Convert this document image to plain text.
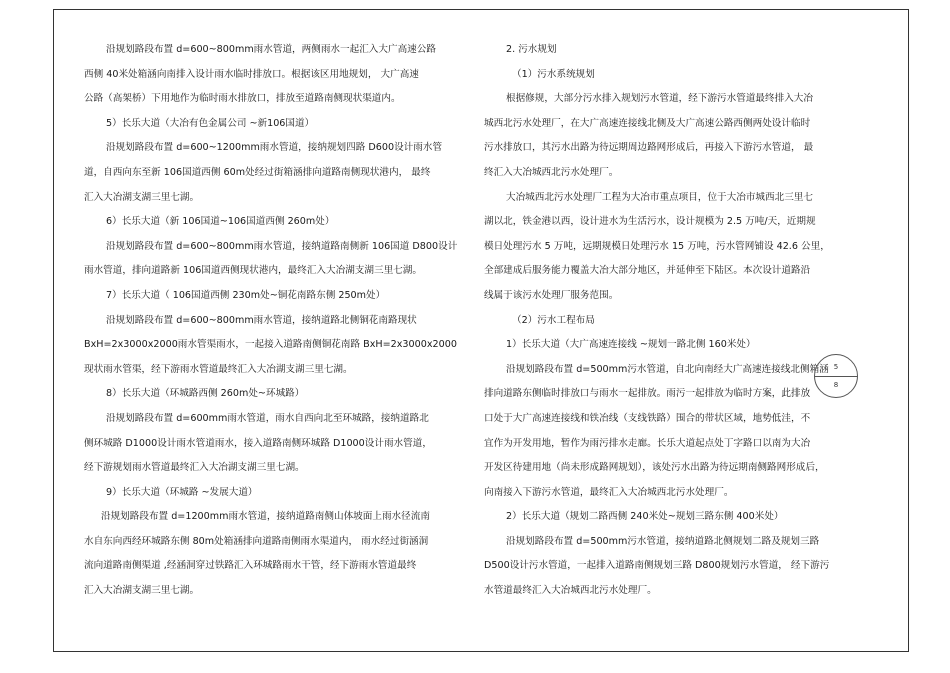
沿规划路段布置 d=600~800mm雨水管道，两侧雨水一起汇入大广高速公路
西侧 40米处箱涵向南排入设计雨水临时排放口。根据该区用地规划， 大广高速
公路（高架桥）下用地作为临时雨水排放口，排放至道路南侧现状渠道内。
5）长乐大道（大冶有色金属公司 ~新106国道）
沿规划路段布置 d=600~1200mm雨水管道，接纳规划四路 D600设计雨水管
道，自西向东至新 106国道西侧 60m处经过街箱涵排向道路南侧现状港内， 最终
汇入大冶湖支湖三里七湖。
6）长乐大道（新 106国道~106国道西侧 260m处）
沿规划路段布置 d=600~800mm雨水管道，接纳道路南侧新 106国道 D800设计
雨水管道，排向道路新 106国道西侧现状港内，最终汇入大冶湖支湖三里七湖。
7）长乐大道（ 106国道西侧 230m处~铜花南路东侧 250m处）
沿规划路段布置 d=600~800mm雨水管道，接纳道路北侧铜花南路现状
BxH=2x3000x2000雨水管渠雨水，一起接入道路南侧铜花南路 BxH=2x3000x2000
现状雨水管渠，经下游雨水管道最终汇入大冶湖支湖三里七湖。
8）长乐大道（环城路西侧 260m处~环城路）
沿规划路段布置 d=600mm雨水管道，雨水自西向北至环城路，接纳道路北
侧环城路 D1000设计雨水管道雨水，接入道路南侧环城路 D1000设计雨水管道，
经下游规划雨水管道最终汇入大冶湖支湖三里七湖。
9）长乐大道（环城路 ~发展大道）
沿规划路段布置 d=1200mm雨水管道，接纳道路南侧山体坡面上雨水径流南
水自东向西经环城路东侧 80m处箱涵排向道路南侧雨水渠道内， 雨水经过街涵洞
流向道路南侧渠道 ,经涵洞穿过铁路汇入环城路雨水干管，经下游雨水管道最终
汇入大冶湖支湖三里七湖。
2. 污水规划
（1）污水系统规划
根据修规，大部分污水排入规划污水管道，经下游污水管道最终排入大冶
城西北污水处理厂，在大广高速连接线北侧及大广高速公路西侧两处设计临时
污水排放口，其污水出路为待远期周边路网形成后，再接入下游污水管道， 最
终汇入大冶城西北污水处理厂。
大冶城西北污水处理厂工程为大冶市重点项目，位于大冶市城西北三里七
湖以北，铁金港以西，设计进水为生活污水，设计规模为 2.5 万吨/天，近期规
模日处理污水 5 万吨，远期规模日处理污水 15 万吨，污水管网铺设 42.6 公里，
全部建成后服务能力覆盖大冶大部分地区，并延伸至下陆区。本次设计道路沿
线属于该污水处理厂服务范围。
（2）污水工程布局
1）长乐大道（大广高速连接线 ~规划一路北侧 160米处）
沿规划路段布置 d=500mm污水管道，自北向南经大广高速连接线北侧箱涵
排向道路东侧临时排放口与雨水一起排放。雨污一起排放为临时方案，此排放
口处于大广高速连接线和铁冶线（支线铁路）围合的带状区域，地势低洼，不
宜作为开发用地，暂作为雨污排水走廊。长乐大道起点处丁字路口以南为大冶
开发区待建用地（尚未形成路网规划），该处污水出路为待远期南侧路网形成后，
向南接入下游污水管道，最终汇入大冶城西北污水处理厂。
2）长乐大道（规划二路西侧 240米处~规划三路东侧 400米处）
沿规划路段布置 d=500mm污水管道，接纳道路北侧规划二路及规划三路
D500设计污水管道，一起排入道路南侧规划三路 D800规划污水管道， 经下游污
水管道最终汇入大冶城西北污水处理厂。
5
8
